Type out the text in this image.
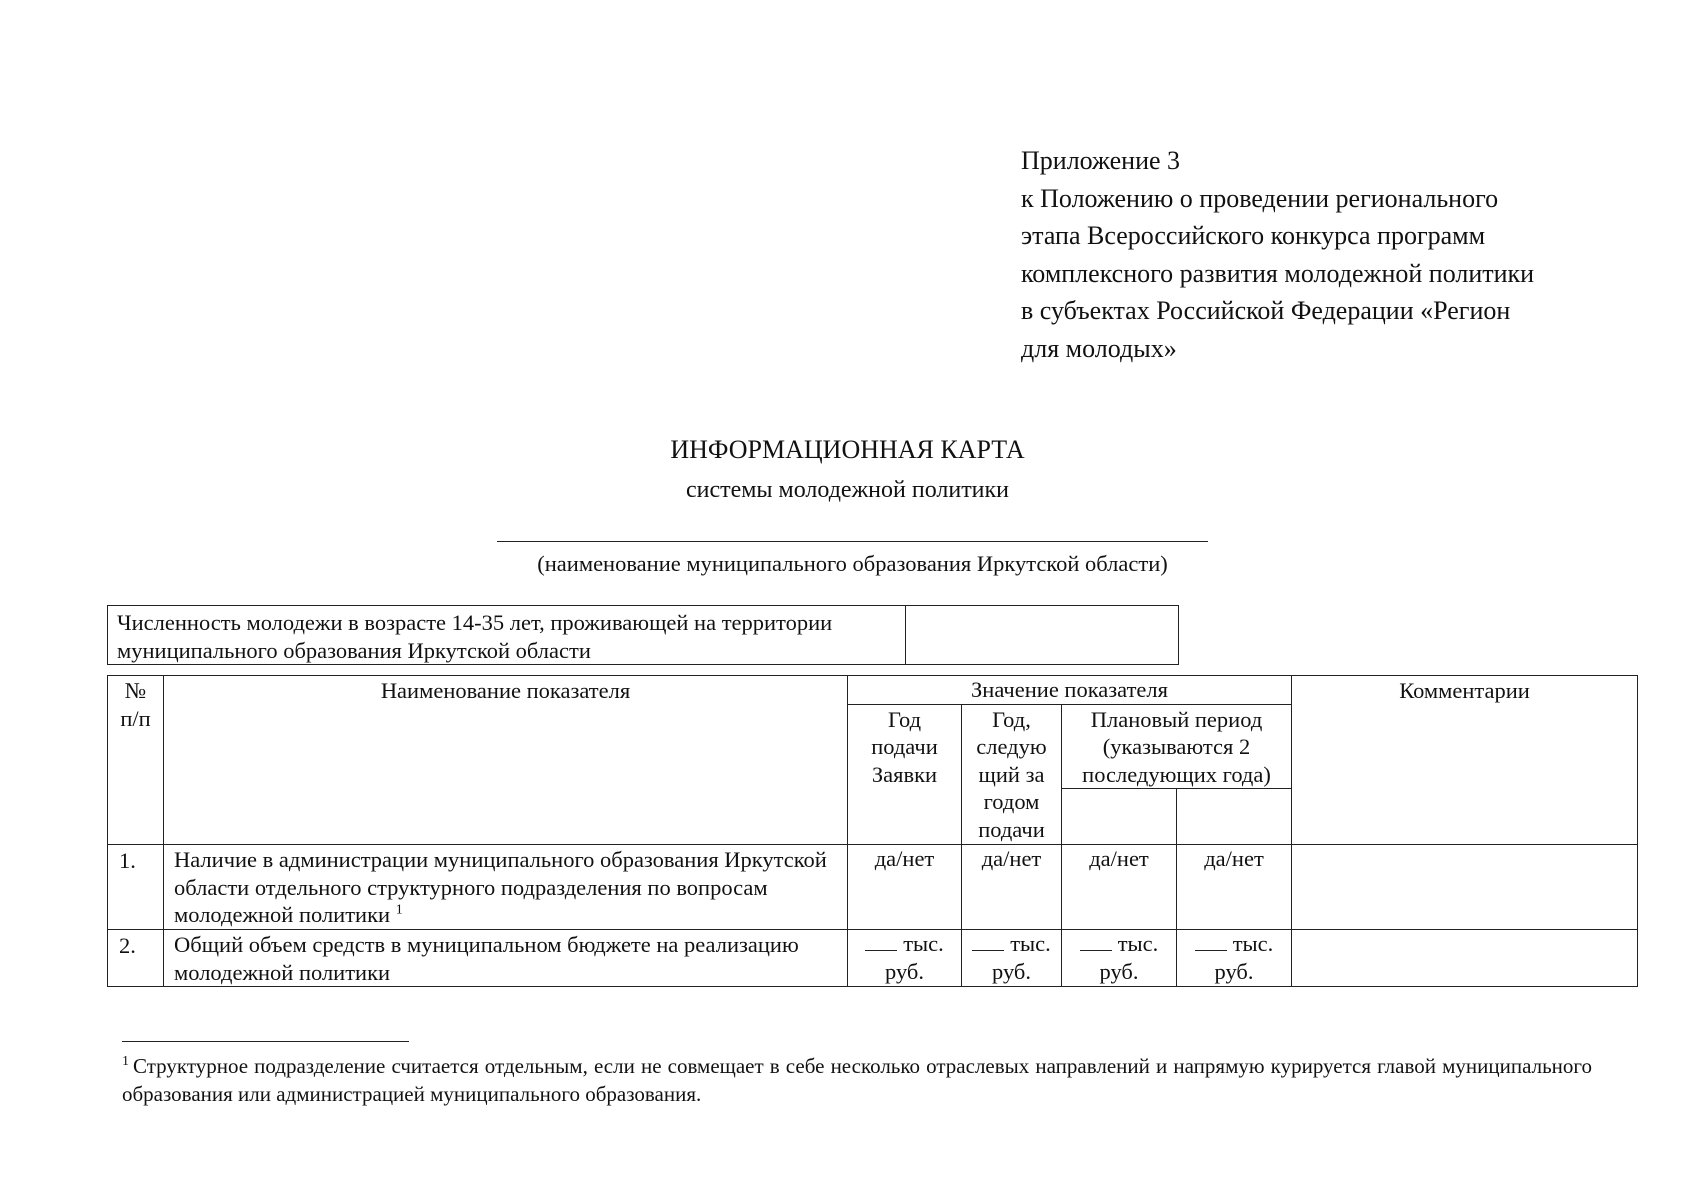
Приложение 3
к Положению о проведении регионального
этапа Всероссийского конкурса программ
комплексного развития молодежной политики
в субъектах Российской Федерации «Регион
для молодых»
ИНФОРМАЦИОННАЯ КАРТА
системы молодежной политики
(наименование муниципального образования Иркутской области)
Численность молодежи в возрасте 14-35 лет, проживающей на территории муниципального образования Иркутской области	
№ п/п	Наименование показателя	Значение показателя				Комментарии
		Год подачи Заявки	Год, следую щий за годом подачи	Плановый период (указываются 2 последующих года)		

1.	Наличие в администрации муниципального образования Иркутской области отдельного структурного подразделения по вопросам молодежной политики $^1$	да/нет	да/нет	да/нет	да/нет	
2.	Общий объем средств в муниципальном бюджете на реализацию молодежной политики	тыс. руб.	тыс. руб.	тыс. руб.	тыс. руб.	
$^1$ Структурное подразделение считается отдельным, если не совмещает в себе несколько отраслевых направлений и напрямую курируется главой муниципального образования или администрацией муниципального образования.
